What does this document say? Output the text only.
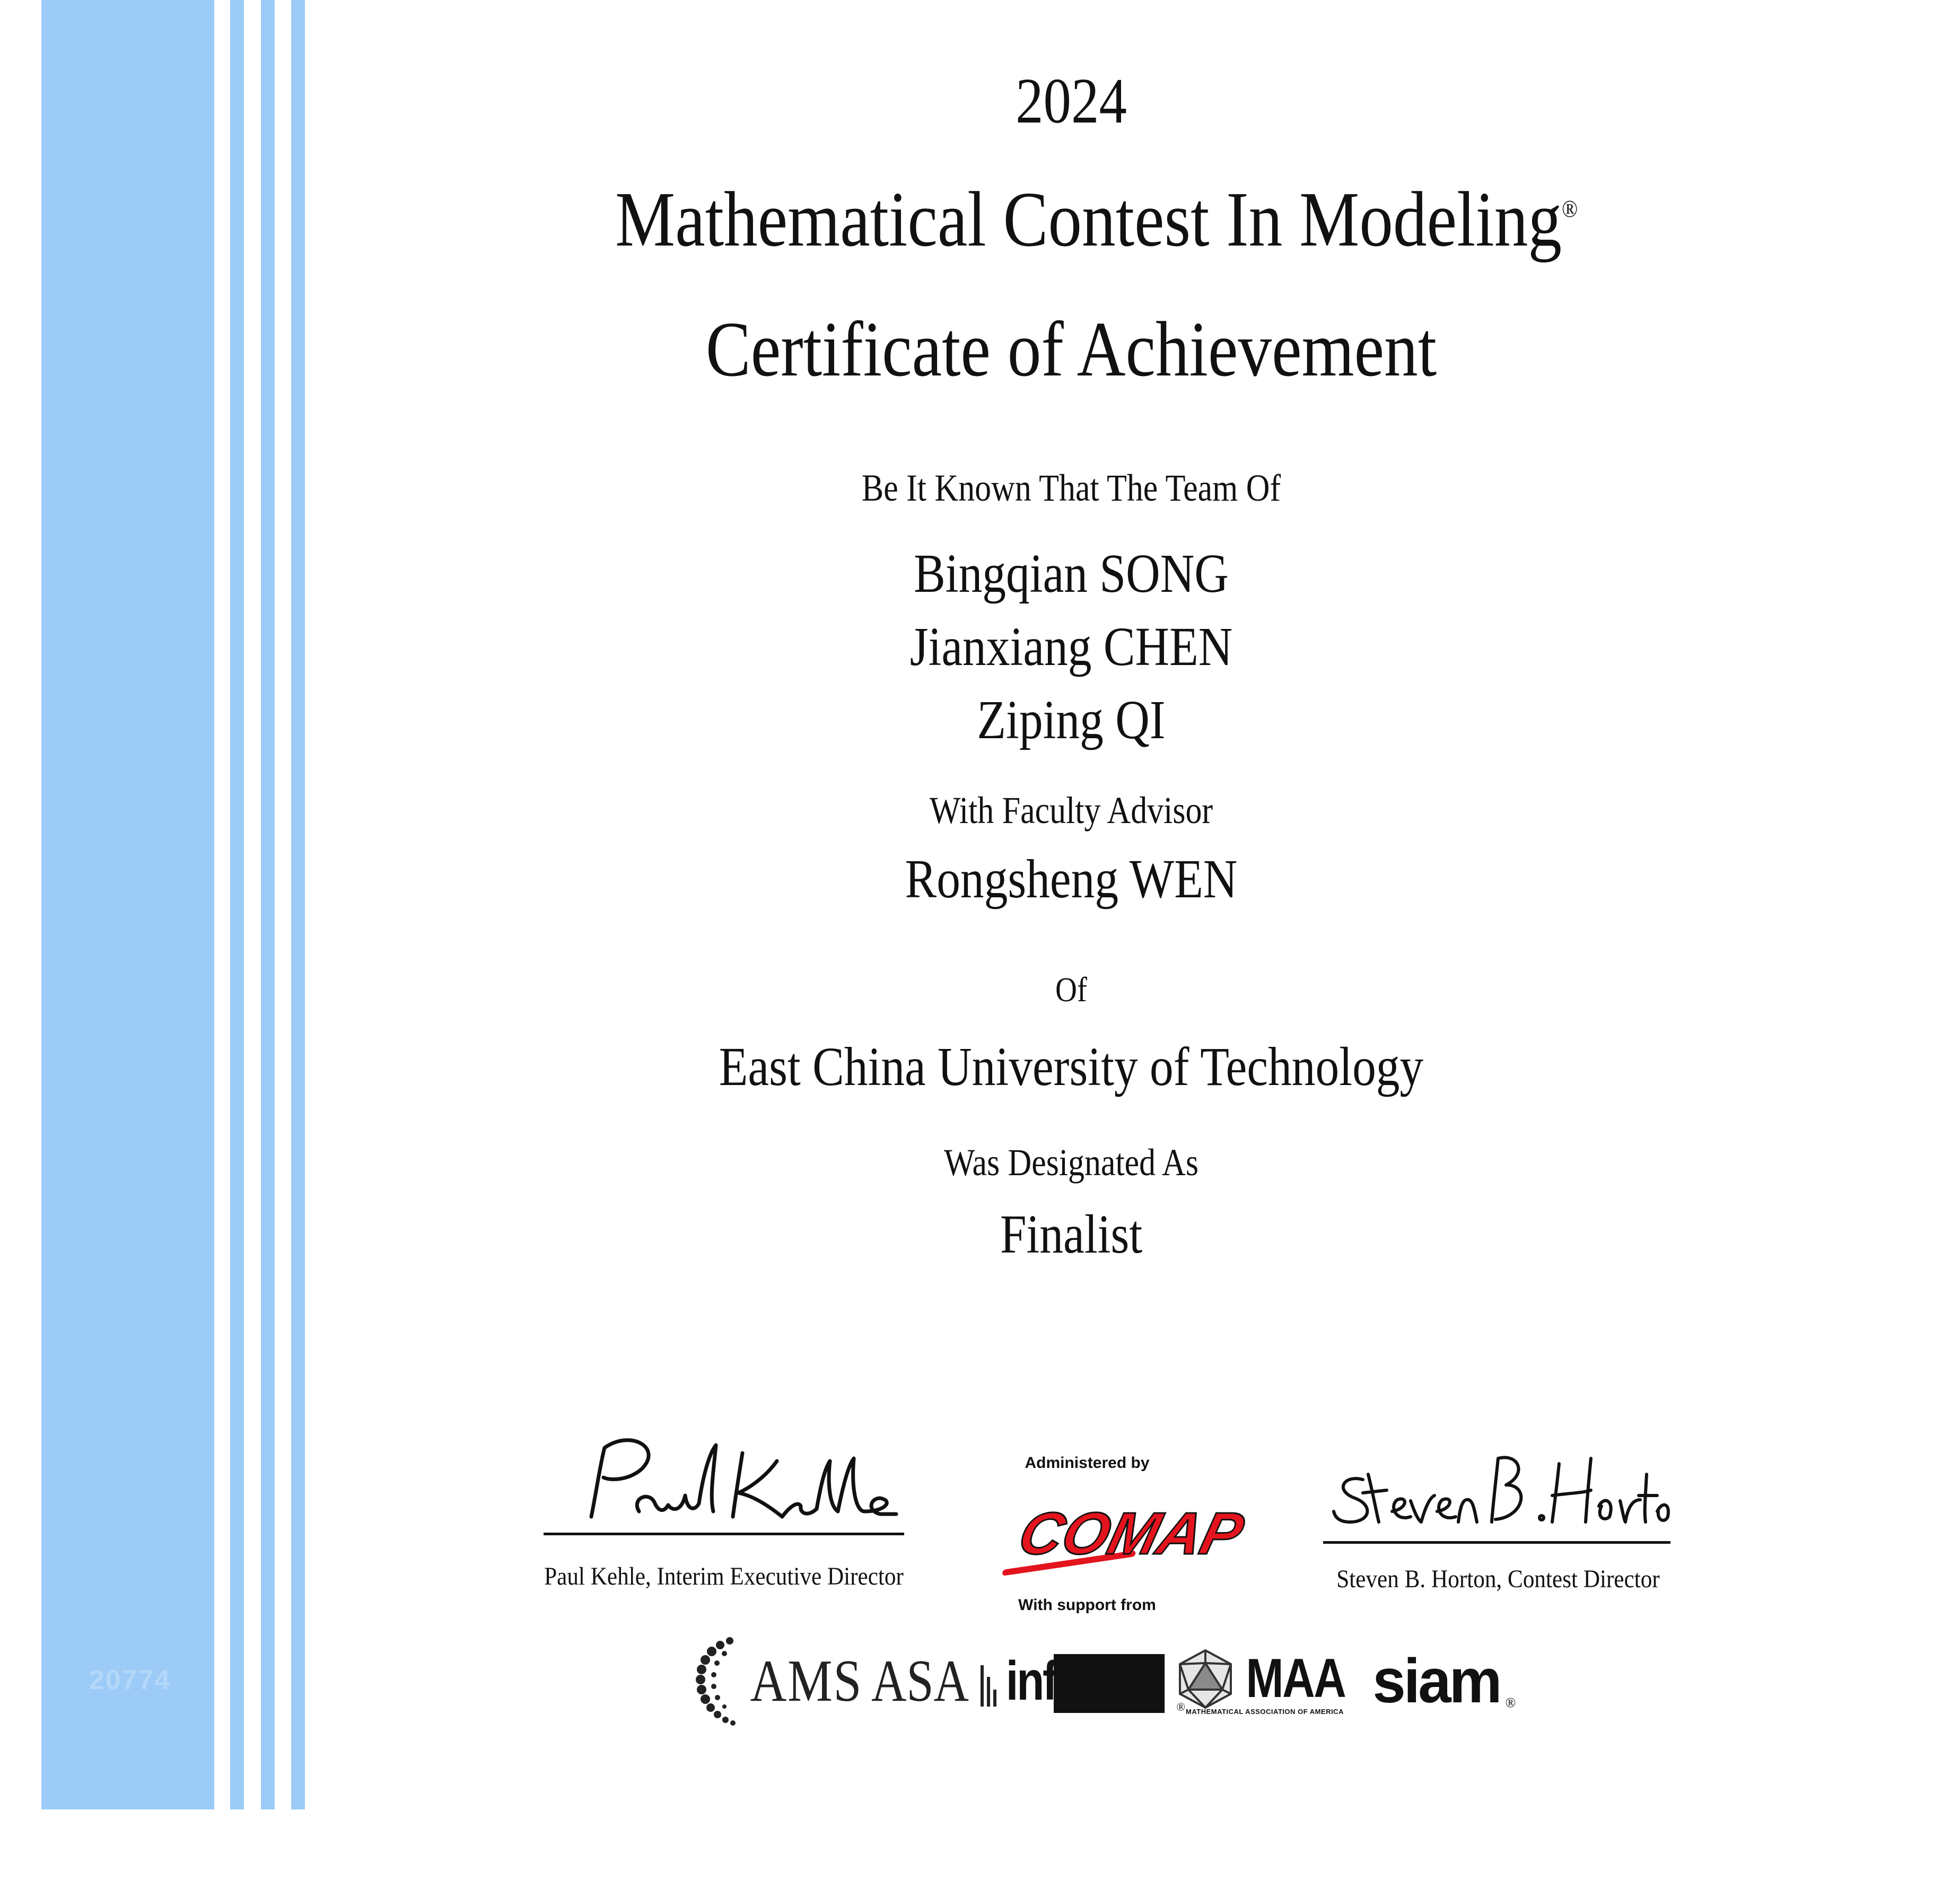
20774
2024
Mathematical Contest In Modeling®
Certificate of Achievement
Be It Known That The Team Of
Bingqian SONG
Jianxiang CHEN
Ziping QI
With Faculty Advisor
Rongsheng WEN
Of
East China University of Technology
Was Designated As
Finalist
Paul Kehle, Interim Executive Director	Steven B. Horton, Contest Director
Administered by
COMAP
With support from
AMS ASA informs ® MAA
MATHEMATICAL ASSOCIATION OF AMERICA siam ®
